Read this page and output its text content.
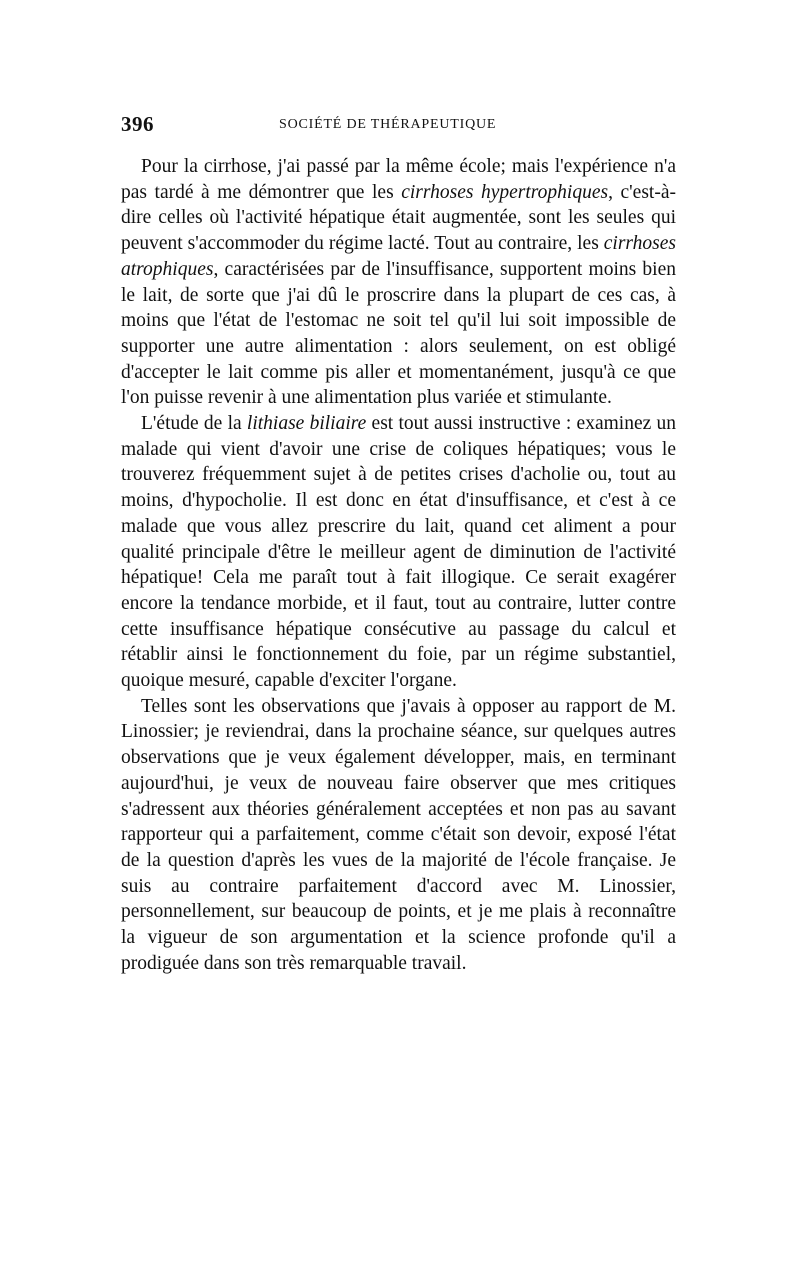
396	SOCIÉTÉ DE THÉRAPEUTIQUE

Pour la cirrhose, j'ai passé par la même école; mais l'expérience n'a pas tardé à me démontrer que les cirrhoses hypertrophiques, c'est-à-dire celles où l'activité hépatique était augmentée, sont les seules qui peuvent s'accommoder du régime lacté. Tout au contraire, les cirrhoses atrophiques, caractérisées par de l'insuffisance, supportent moins bien le lait, de sorte que j'ai dû le proscrire dans la plupart de ces cas, à moins que l'état de l'estomac ne soit tel qu'il lui soit impossible de supporter une autre alimentation : alors seulement, on est obligé d'accepter le lait comme pis aller et momentanément, jusqu'à ce que l'on puisse revenir à une alimentation plus variée et stimulante.

L'étude de la lithiase biliaire est tout aussi instructive : examinez un malade qui vient d'avoir une crise de coliques hépatiques; vous le trouverez fréquemment sujet à de petites crises d'acholie ou, tout au moins, d'hypocholie. Il est donc en état d'insuffisance, et c'est à ce malade que vous allez prescrire du lait, quand cet aliment a pour qualité principale d'être le meilleur agent de diminution de l'activité hépatique! Cela me paraît tout à fait illogique. Ce serait exagérer encore la tendance morbide, et il faut, tout au contraire, lutter contre cette insuffisance hépatique consécutive au passage du calcul et rétablir ainsi le fonctionnement du foie, par un régime substantiel, quoique mesuré, capable d'exciter l'organe.

Telles sont les observations que j'avais à opposer au rapport de M. Linossier; je reviendrai, dans la prochaine séance, sur quelques autres observations que je veux également développer, mais, en terminant aujourd'hui, je veux de nouveau faire observer que mes critiques s'adressent aux théories généralement acceptées et non pas au savant rapporteur qui a parfaitement, comme c'était son devoir, exposé l'état de la question d'après les vues de la majorité de l'école française. Je suis au contraire parfaitement d'accord avec M. Linossier, personnellement, sur beaucoup de points, et je me plais à reconnaître la vigueur de son argumentation et la science profonde qu'il a prodiguée dans son très remarquable travail.
